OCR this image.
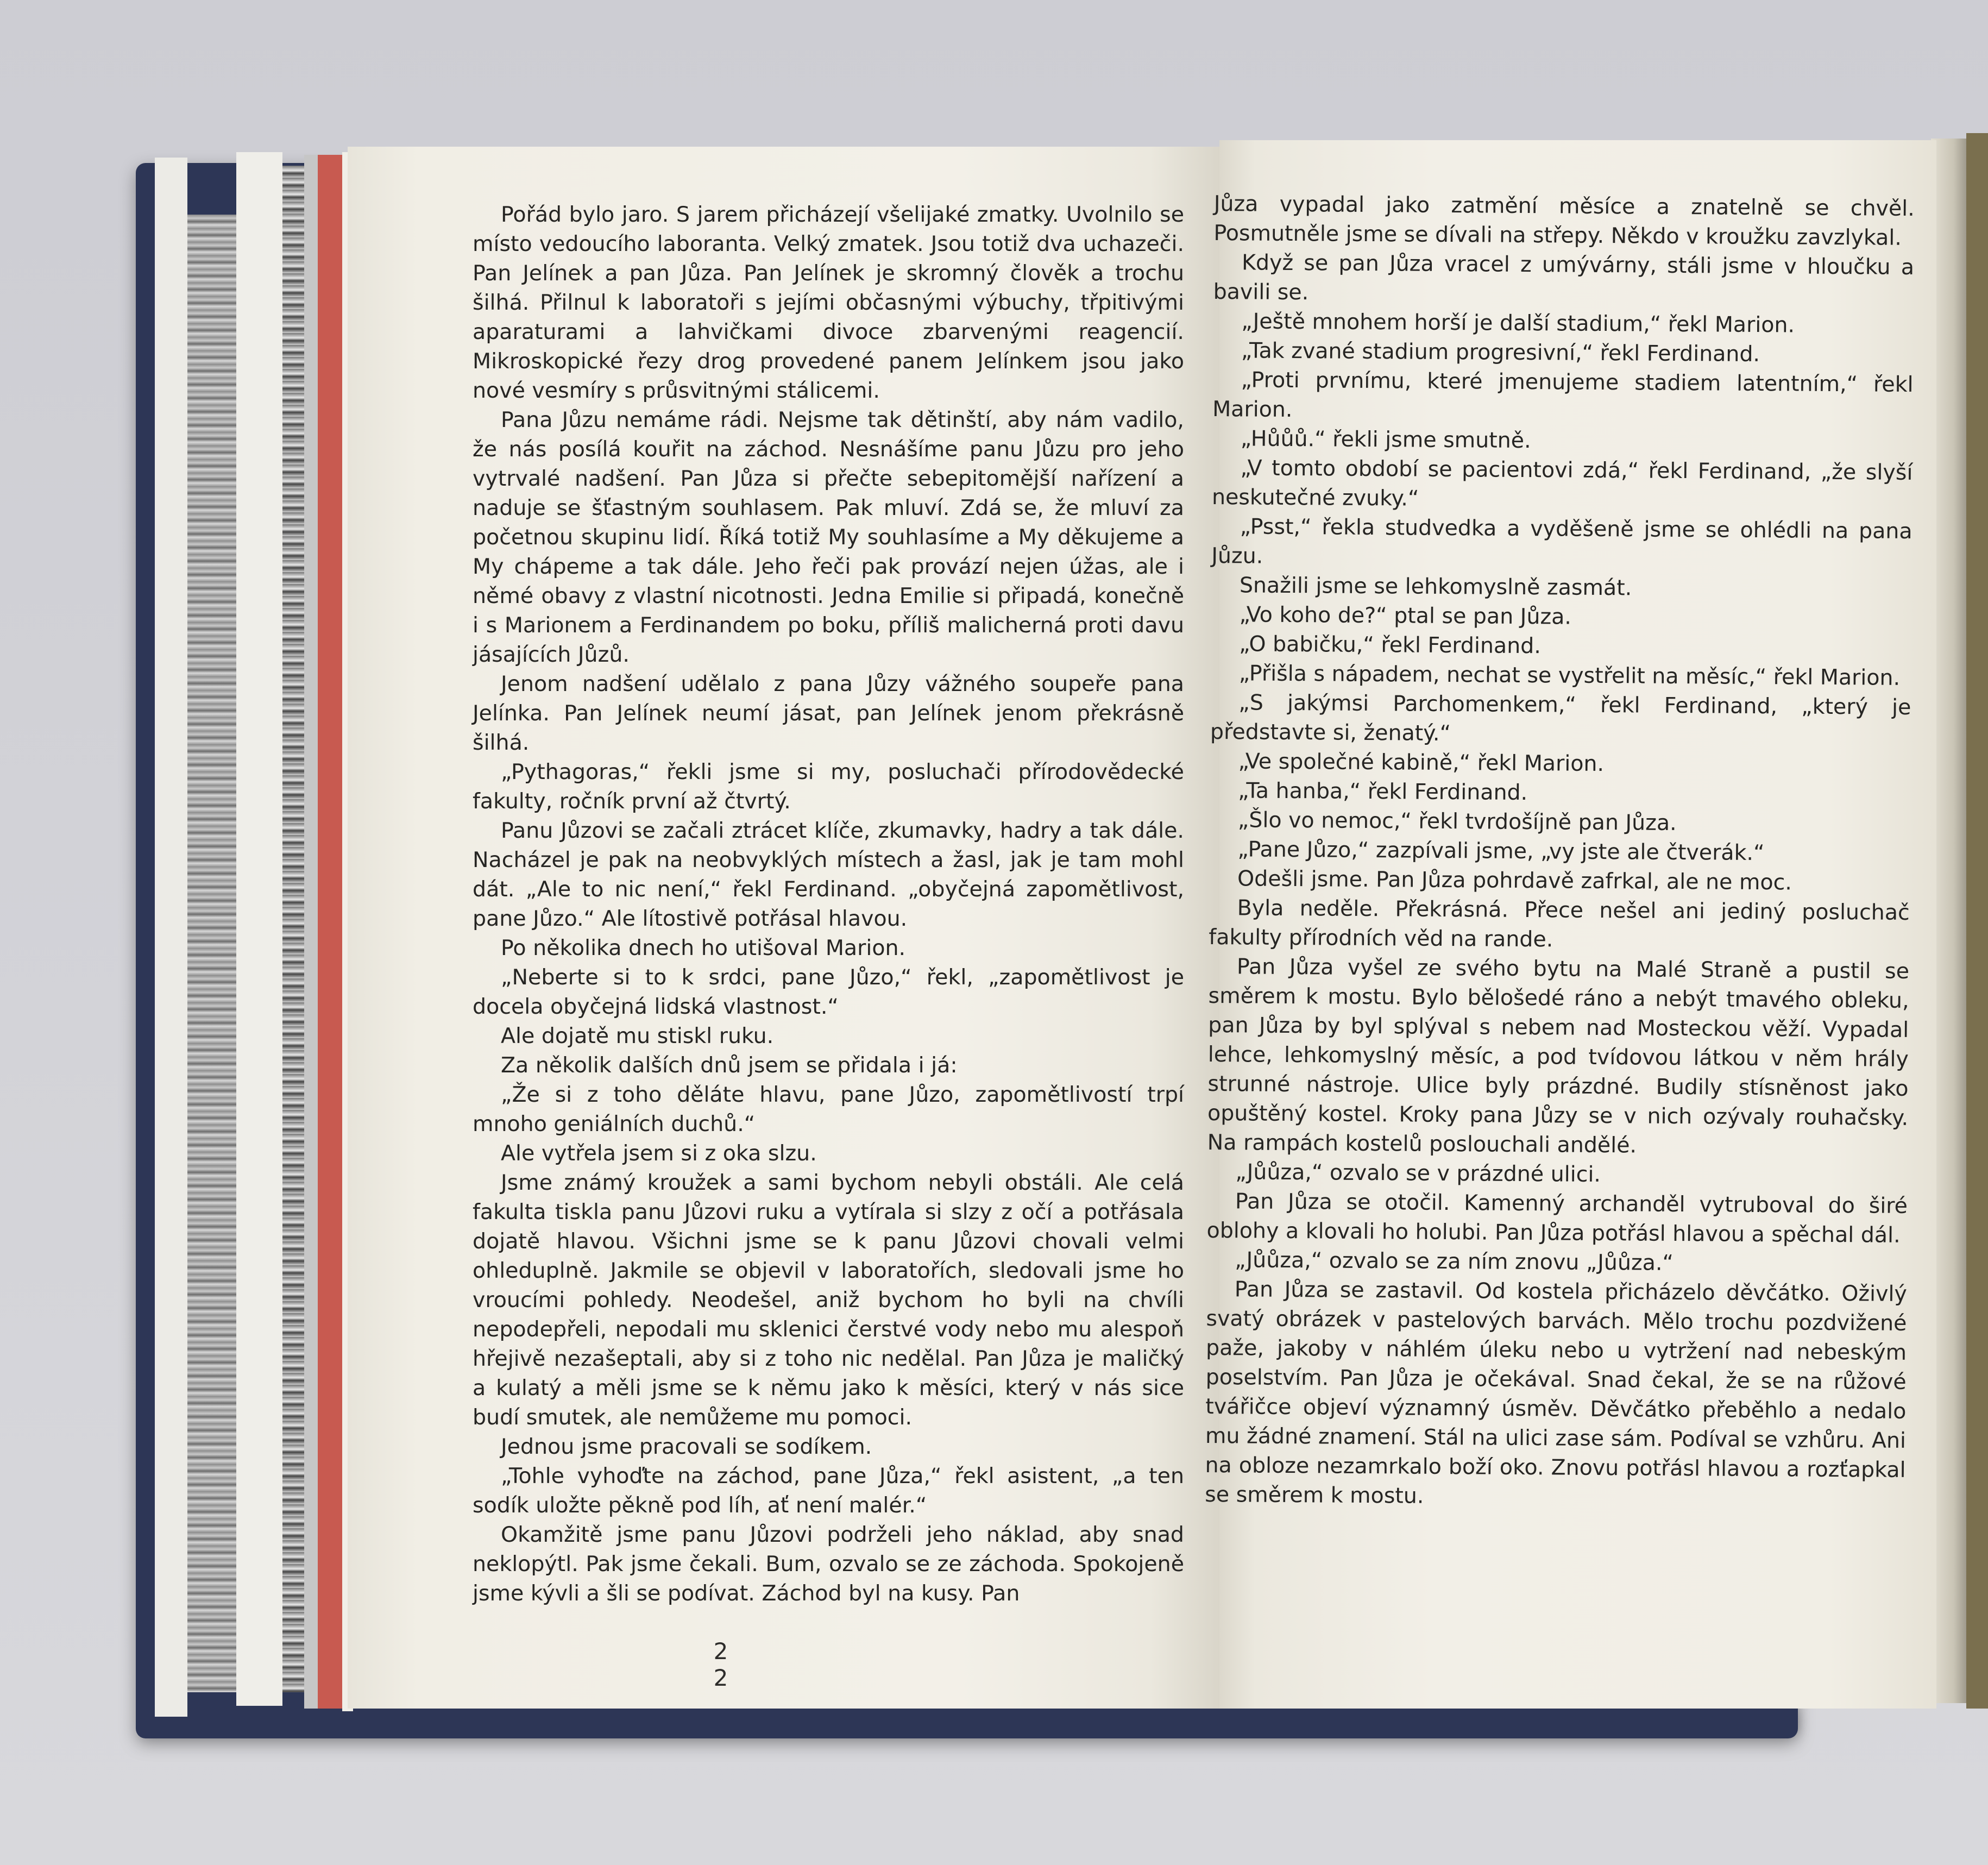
Pořád bylo jaro. S jarem přicházejí všelijaké zmatky. Uvolnilo se místo vedoucího laboranta. Velký zmatek. Jsou totiž dva uchazeči. Pan Jelínek a pan Jůza. Pan Jelínek je skromný člověk a trochu šilhá. Přilnul k laboratoři s jejími občasnými výbuchy, třpitivými aparaturami a lahvičkami divoce zbarvenými reagencií. Mikroskopické řezy drog provedené panem Jelínkem jsou jako nové vesmíry s průsvitnými stálicemi.

Pana Jůzu nemáme rádi. Nejsme tak dětinští, aby nám vadilo, že nás posílá kouřit na záchod. Nesnášíme panu Jůzu pro jeho vytrvalé nadšení. Pan Jůza si přečte sebepitomější nařízení a naduje se šťastným souhlasem. Pak mluví. Zdá se, že mluví za početnou skupinu lidí. Říká totiž My souhlasíme a My děkujeme a My chápeme a tak dále. Jeho řeči pak provází nejen úžas, ale i němé obavy z vlastní nicotnosti. Jedna Emilie si připadá, konečně i s Marionem a Ferdinandem po boku, příliš malicherná proti davu jásajících Jůzů.

Jenom nadšení udělalo z pana Jůzy vážného soupeře pana Jelínka. Pan Jelínek neumí jásat, pan Jelínek jenom překrásně šilhá.

„Pythagoras,“ řekli jsme si my, posluchači přírodovědecké fakulty, ročník první až čtvrtý.

Panu Jůzovi se začali ztrácet klíče, zkumavky, hadry a tak dále. Nacházel je pak na neobvyklých místech a žasl, jak je tam mohl dát. „Ale to nic není,“ řekl Ferdinand. „obyčejná zapomětlivost, pane Jůzo.“ Ale lítostivě potřásal hlavou.

Po několika dnech ho utišoval Marion.

„Neberte si to k srdci, pane Jůzo,“ řekl, „zapomětlivost je docela obyčejná lidská vlastnost.“

Ale dojatě mu stiskl ruku.

Za několik dalších dnů jsem se přidala i já:

„Že si z toho děláte hlavu, pane Jůzo, zapomětlivostí trpí mnoho geniálních duchů.“

Ale vytřela jsem si z oka slzu.

Jsme známý kroužek a sami bychom nebyli obstáli. Ale celá fakulta tiskla panu Jůzovi ruku a vytírala si slzy z očí a potřásala dojatě hlavou. Všichni jsme se k panu Jůzovi chovali velmi ohleduplně. Jakmile se objevil v laboratořích, sledovali jsme ho vroucími pohledy. Neodešel, aniž bychom ho byli na chvíli nepodepřeli, nepodali mu sklenici čerstvé vody nebo mu alespoň hřejivě nezašeptali, aby si z toho nic nedělal. Pan Jůza je maličký a kulatý a měli jsme se k němu jako k měsíci, který v nás sice budí smutek, ale nemůžeme mu pomoci.

Jednou jsme pracovali se sodíkem.

„Tohle vyhoďte na záchod, pane Jůza,“ řekl asistent, „a ten sodík uložte pěkně pod líh, ať není malér.“

Okamžitě jsme panu Jůzovi podrželi jeho náklad, aby snad neklopýtl. Pak jsme čekali. Bum, ozvalo se ze záchoda. Spokojeně jsme kývli a šli se podívat. Záchod byl na kusy. Pan

Jůza vypadal jako zatmění měsíce a znatelně se chvěl. Posmutnělе jsme se dívali na střepy. Někdo v kroužku zavzlykal.

Když se pan Jůza vracel z umývárny, stáli jsme v hloučku a bavili se.

„Ještě mnohem horší je další stadium,“ řekl Marion.

„Tak zvané stadium progresivní,“ řekl Ferdinand.

„Proti prvnímu, které jmenujeme stadiem latentním,“ řekl Marion.

„Hůůů.“ řekli jsme smutně.

„V tomto období se pacientovi zdá,“ řekl Ferdinand, „že slyší neskutečné zvuky.“

„Psst,“ řekla studvedka a vyděšeně jsme se ohlédli na pana Jůzu.

Snažili jsme se lehkomyslně zasmát.

„Vo koho de?“ ptal se pan Jůza.

„O babičku,“ řekl Ferdinand.

„Přišla s nápadem, nechat se vystřelit na měsíc,“ řekl Marion.

„S jakýmsi Parchomenkem,“ řekl Ferdinand, „který je představte si, ženatý.“

„Ve společné kabině,“ řekl Marion.

„Ta hanba,“ řekl Ferdinand.

„Šlo vo nemoc,“ řekl tvrdošíjně pan Jůza.

„Pane Jůzo,“ zazpívali jsme, „vy jste ale čtverák.“

Odešli jsme. Pan Jůza pohrdavě zafrkal, ale ne moc.

Byla neděle. Překrásná. Přece nešel ani jediný posluchač fakulty přírodních věd na rande.

Pan Jůza vyšel ze svého bytu na Malé Straně a pustil se směrem k mostu. Bylo bělošedé ráno a nebýt tmavého obleku, pan Jůza by byl splýval s nebem nad Mosteckou věží. Vypadal lehce, lehkomyslný měsíc, a pod tvídovou látkou v něm hrály strunné nástroje. Ulice byly prázdné. Budily stísněnost jako opuštěný kostel. Kroky pana Jůzy se v nich ozývaly rouhačsky. Na rampách kostelů poslouchali andělé.

„Jůůza,“ ozvalo se v prázdné ulici.

Pan Jůza se otočil. Kamenný archanděl vytruboval do širé oblohy a klovali ho holubi. Pan Jůza potřásl hlavou a spěchal dál.

„Jůůza,“ ozvalo se za ním znovu „Jůůza.“

Pan Jůza se zastavil. Od kostela přicházelo děvčátko. Oživlý svatý obrázek v pastelových barvách. Mělo trochu pozdvižené paže, jakoby v náhlém úleku nebo u vytržení nad nebeským poselstvím. Pan Jůza je očekával. Snad čekal, že se na růžové tvářičce objeví významný úsměv. Děvčátko přeběhlo a nedalo mu žádné znamení. Stál na ulici zase sám. Podíval se vzhůru. Ani na obloze nezamrkalo boží oko. Znovu potřásl hlavou a rozťapkal se směrem k mostu.

2 2
